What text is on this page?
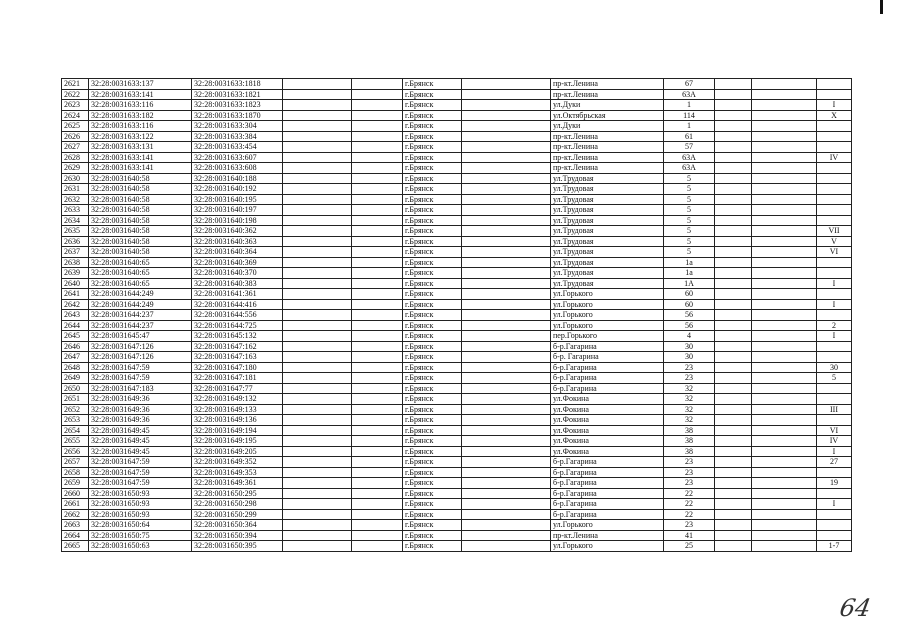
2621	32:28:0031633:137	32:28:0031633:1818			г.Брянск		пр-кт.Ленина	67			
2622	32:28:0031633:141	32:28:0031633:1821			г.Брянск		пр-кт.Ленина	63А			
2623	32:28:0031633:116	32:28:0031633:1823			г.Брянск		ул.Дуки	1			I
2624	32:28:0031633:182	32:28:0031633:1870			г.Брянск		ул.Октябрьская	114			X
2625	32:28:0031633:116	32:28:0031633:304			г.Брянск		ул.Дуки	1			
2626	32:28:0031633:122	32:28:0031633:384			г.Брянск		пр-кт.Ленина	61			
2627	32:28:0031633:131	32:28:0031633:454			г.Брянск		пр-кт.Ленина	57			
2628	32:28:0031633:141	32:28:0031633:607			г.Брянск		пр-кт.Ленина	63А			IV
2629	32:28:0031633:141	32:28:0031633:608			г.Брянск		пр-кт.Ленина	63А			
2630	32:28:0031640:58	32:28:0031640:188			г.Брянск		ул.Трудовая	5			
2631	32:28:0031640:58	32:28:0031640:192			г.Брянск		ул.Трудовая	5			
2632	32:28:0031640:58	32:28:0031640:195			г.Брянск		ул.Трудовая	5			
2633	32:28:0031640:58	32:28:0031640:197			г.Брянск		ул.Трудовая	5			
2634	32:28:0031640:58	32:28:0031640:198			г.Брянск		ул.Трудовая	5			
2635	32:28:0031640:58	32:28:0031640:362			г.Брянск		ул.Трудовая	5			VII
2636	32:28:0031640:58	32:28:0031640:363			г.Брянск		ул.Трудовая	5			V
2637	32:28:0031640:58	32:28:0031640:364			г.Брянск		ул.Трудовая	5			VI
2638	32:28:0031640:65	32:28:0031640:369			г.Брянск		ул.Трудовая	1а			
2639	32:28:0031640:65	32:28:0031640:370			г.Брянск		ул.Трудовая	1а			
2640	32:28:0031640:65	32:28:0031640:383			г.Брянск		ул.Трудовая	1А			I
2641	32:28:0031644:249	32:28:0031641:361			г.Брянск		ул.Горького	60			
2642	32:28:0031644:249	32:28:0031644:416			г.Брянск		ул.Горького	60			I
2643	32:28:0031644:237	32:28:0031644:556			г.Брянск		ул.Горького	56			
2644	32:28:0031644:237	32:28:0031644:725			г.Брянск		ул.Горького	56			2
2645	32:28:0031645:47	32:28:0031645:132			г.Брянск		пер.Горького	4			I
2646	32:28:0031647:126	32:28:0031647:162			г.Брянск		б-р.Гагарина	30			
2647	32:28:0031647:126	32:28:0031647:163			г.Брянск		б-р. Гагарина	30			
2648	32:28:0031647:59	32:28:0031647:180			г.Брянск		б-р.Гагарина	23			30
2649	32:28:0031647:59	32:28:0031647:181			г.Брянск		б-р.Гагарина	23			5
2650	32:28:0031647:183	32:28:0031647:77			г.Брянск		б-р.Гагарина	32			
2651	32:28:0031649:36	32:28:0031649:132			г.Брянск		ул.Фокина	32			
2652	32:28:0031649:36	32:28:0031649:133			г.Брянск		ул.Фокина	32			III
2653	32:28:0031649:36	32:28:0031649:136			г.Брянск		ул.Фокина	32			
2654	32:28:0031649:45	32:28:0031649:194			г.Брянск		ул.Фокина	38			VI
2655	32:28:0031649:45	32:28:0031649:195			г.Брянск		ул.Фокина	38			IV
2656	32:28:0031649:45	32:28:0031649:205			г.Брянск		ул.Фокина	38			I
2657	32:28:0031647:59	32:28:0031649:352			г.Брянск		б-р.Гагарина	23			27
2658	32:28:0031647:59	32:28:0031649:353			г.Брянск		б-р.Гагарина	23			
2659	32:28:0031647:59	32:28:0031649:361			г.Брянск		б-р.Гагарина	23			19
2660	32:28:0031650:93	32:28:0031650:295			г.Брянск		б-р.Гагарина	22			
2661	32:28:0031650:93	32:28:0031650:298			г.Брянск		б-р.Гагарина	22			I
2662	32:28:0031650:93	32:28:0031650:299			г.Брянск		б-р.Гагарина	22			
2663	32:28:0031650:64	32:28:0031650:364			г.Брянск		ул.Горького	23			
2664	32:28:0031650:75	32:28:0031650:394			г.Брянск		пр-кт.Ленина	41			
2665	32:28:0031650:63	32:28:0031650:395			г.Брянск		ул.Горького	25			1-7
64
